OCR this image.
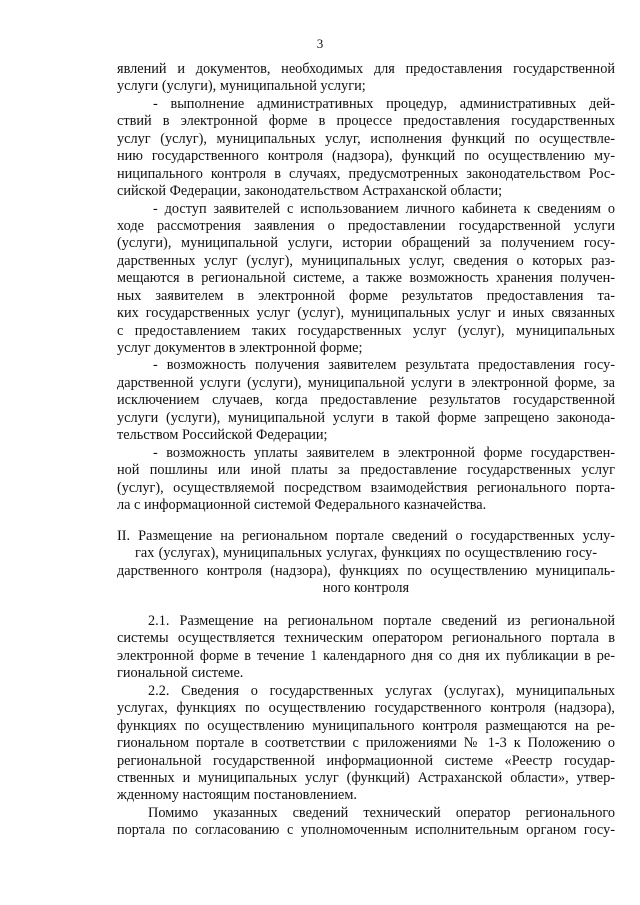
3
явлений и документов, необходимых для предоставления государственной
услуги (услуги), муниципальной услуги;
- выполнение административных процедур, административных дей-
ствий в электронной форме в процессе предоставления государственных
услуг (услуг), муниципальных услуг, исполнения функций по осуществле-
нию государственного контроля (надзора), функций по осуществлению му-
ниципального контроля в случаях, предусмотренных законодательством Рос-
сийской Федерации, законодательством Астраханской области;
- доступ заявителей с использованием личного кабинета к сведениям о
ходе рассмотрения заявления о предоставлении государственной услуги
(услуги), муниципальной услуги, истории обращений за получением госу-
дарственных услуг (услуг), муниципальных услуг, сведения о которых раз-
мещаются в региональной системе, а также возможность хранения получен-
ных заявителем в электронной форме результатов предоставления та-
ких государственных услуг (услуг), муниципальных услуг и иных связанных
с предоставлением таких государственных услуг (услуг), муниципальных
услуг документов в электронной форме;
- возможность получения заявителем результата предоставления госу-
дарственной услуги (услуги), муниципальной услуги в электронной форме, за
исключением случаев, когда предоставление результатов государственной
услуги (услуги), муниципальной услуги в такой форме запрещено законода-
тельством Российской Федерации;
- возможность уплаты заявителем в электронной форме государствен-
ной пошлины или иной платы за предоставление государственных услуг
(услуг), осуществляемой посредством взаимодействия регионального порта-
ла с информационной системой Федерального казначейства.
II. Размещение на региональном портале сведений о государственных услу-
гах (услугах), муниципальных услугах, функциях по осуществлению госу-
дарственного контроля (надзора), функциях по осуществлению муниципаль-
ного контроля
2.1. Размещение на региональном портале сведений из региональной
системы осуществляется техническим оператором регионального портала в
электронной форме в течение 1 календарного дня со дня их публикации в ре-
гиональной системе.
2.2. Сведения о государственных услугах (услугах), муниципальных
услугах, функциях по осуществлению государственного контроля (надзора),
функциях по осуществлению муниципального контроля размещаются на ре-
гиональном портале в соответствии с приложениями № 1-3 к Положению о
региональной государственной информационной системе «Реестр государ-
ственных и муниципальных услуг (функций) Астраханской области», утвер-
жденному настоящим постановлением.
Помимо указанных сведений технический оператор регионального
портала по согласованию с уполномоченным исполнительным органом госу-
